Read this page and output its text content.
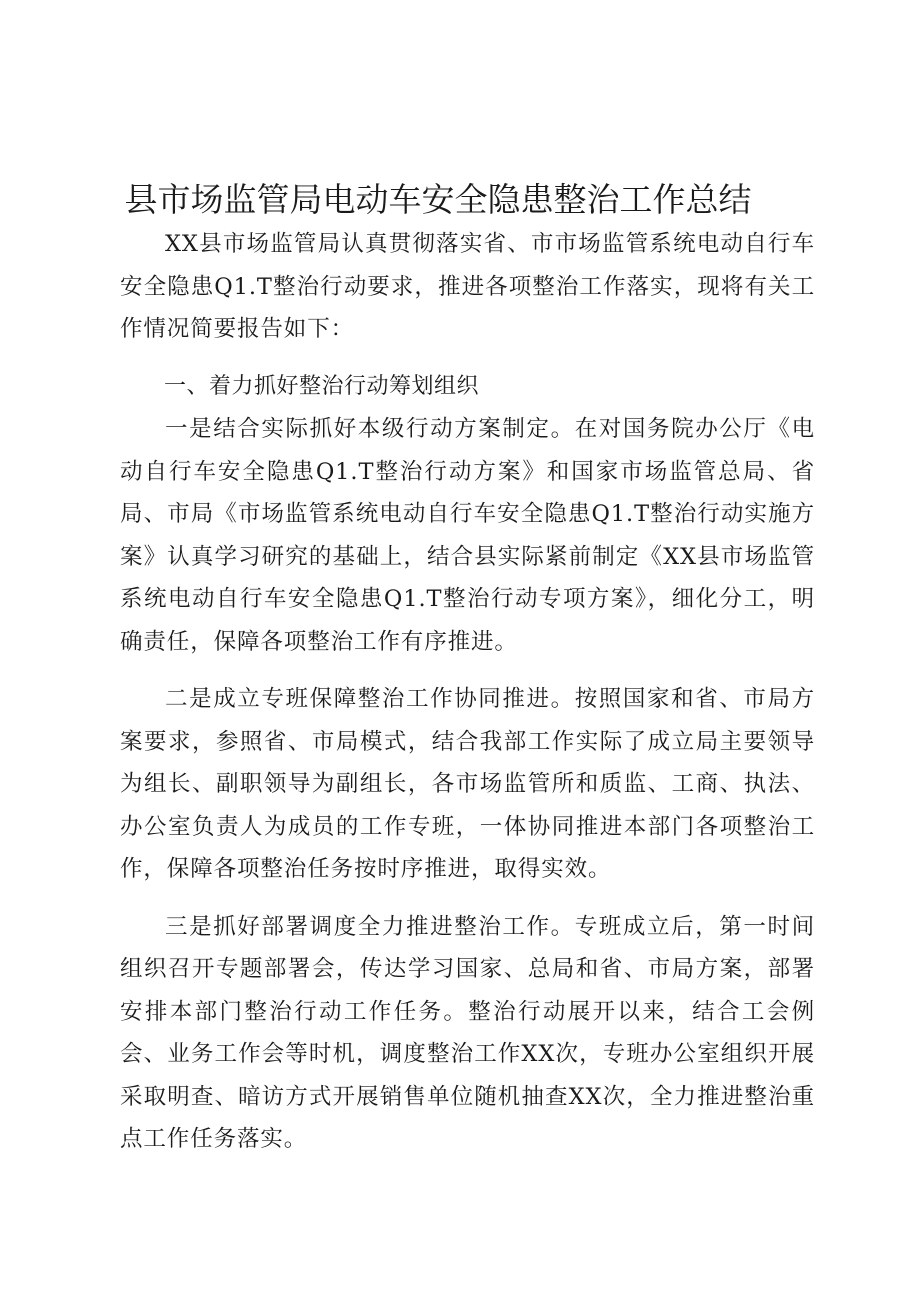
县市场监管局电动车安全隐患整治工作总结

XX县市场监管局认真贯彻落实省、市市场监管系统电动自行车安全隐患Q1.T整治行动要求，推进各项整治工作落实，现将有关工作情况简要报告如下：

一、着力抓好整治行动筹划组织

一是结合实际抓好本级行动方案制定。在对国务院办公厅《电动自行车安全隐患Q1.T整治行动方案》和国家市场监管总局、省局、市局《市场监管系统电动自行车安全隐患Q1.T整治行动实施方案》认真学习研究的基础上，结合县实际紧前制定《XX县市场监管系统电动自行车安全隐患Q1.T整治行动专项方案》，细化分工，明确责任，保障各项整治工作有序推进。

二是成立专班保障整治工作协同推进。按照国家和省、市局方案要求，参照省、市局模式，结合我部工作实际了成立局主要领导为组长、副职领导为副组长，各市场监管所和质监、工商、执法、办公室负责人为成员的工作专班，一体协同推进本部门各项整治工作，保障各项整治任务按时序推进，取得实效。

三是抓好部署调度全力推进整治工作。专班成立后，第一时间组织召开专题部署会，传达学习国家、总局和省、市局方案，部署安排本部门整治行动工作任务。整治行动展开以来，结合工会例会、业务工作会等时机，调度整治工作XX次，专班办公室组织开展采取明查、暗访方式开展销售单位随机抽查XX次，全力推进整治重点工作任务落实。
